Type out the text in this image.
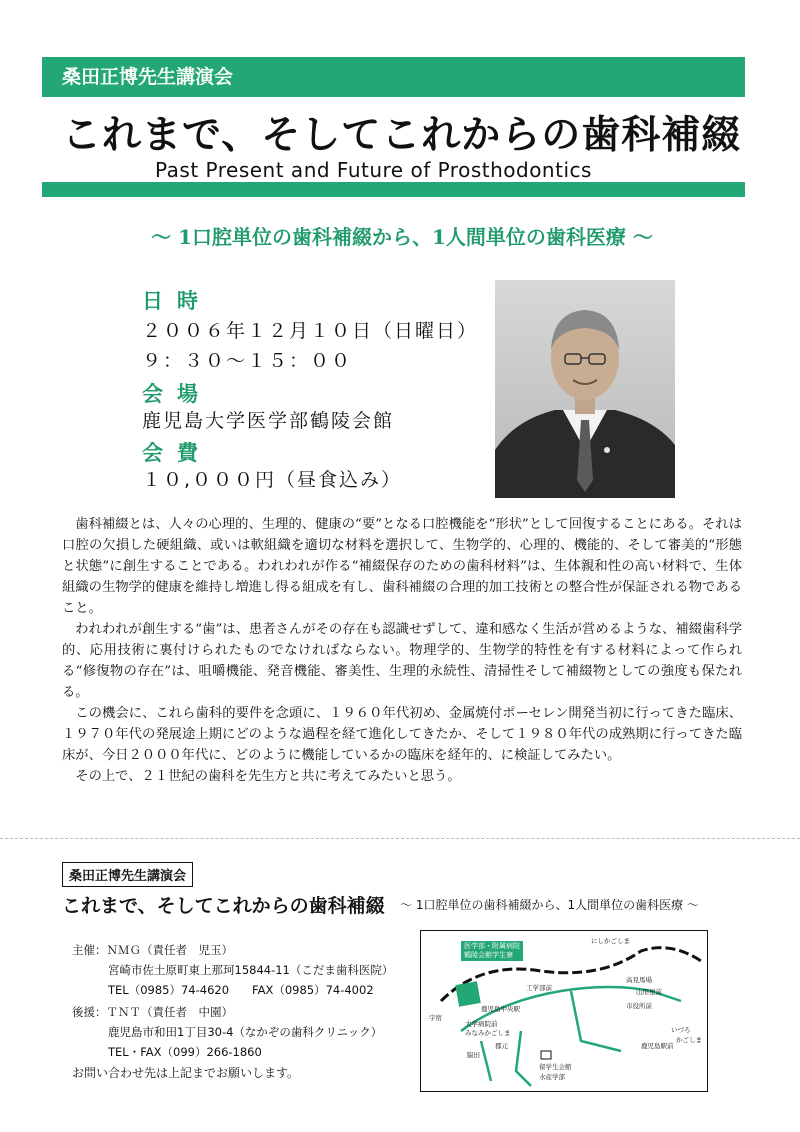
桑田正博先生講演会
これまで、そしてこれからの歯科補綴
Past Present and Future of Prosthodontics
～ 1口腔単位の歯科補綴から、1人間単位の歯科医療 ～
日時
２００６年１２月１０日（日曜日）
９：３０～１５：００
会場
鹿児島大学医学部鶴陵会館
会費
１０,０００円（昼食込み）

歯科補綴とは、人々の心理的、生理的、健康の“要”となる口腔機能を“形状”として回復することにある。それは口腔の欠損した硬組織、或いは軟組織を適切な材料を選択して、生物学的、心理的、機能的、そして審美的“形態と状態”に創生することである。われわれが作る“補綴保存のための歯科材料”は、生体親和性の高い材料で、生体組織の生物学的健康を維持し増進し得る組成を有し、歯科補綴の合理的加工技術との整合性が保証される物であること。

われわれが創生する“歯”は、患者さんがその存在も認識せずして、違和感なく生活が営めるような、補綴歯科学的、応用技術に裏付けられたものでなければならない。物理学的、生物学的特性を有する材料によって作られる“修復物の存在”は、咀嚼機能、発音機能、審美性、生理的永続性、清掃性そして補綴物としての強度も保たれる。

この機会に、これら歯科的要件を念頭に、１９６０年代初め、金属焼付ポーセレン開発当初に行ってきた臨床、１９７０年代の発展途上期にどのような過程を経て進化してきたか、そして１９８０年代の成熟期に行ってきた臨床が、今日２０００年代に、どのように機能しているかの臨床を経年的、に検証してみたい。

その上で、２１世紀の歯科を先生方と共に考えてみたいと思う。

桑田正博先生講演会
これまで、そしてこれからの歯科補綴 ～ 1口腔単位の歯科補綴から、1人間単位の歯科医療 ～
主催：ＮＭＧ（責任者　児玉）
宮崎市佐土原町東上那珂15844-11（こだま歯科医院）
TEL（0985）74-4620　　FAX（0985）74-4002
後援：ＴＮＴ（責任者　中園）
鹿児島市和田1丁目30-4（なかぞの歯科クリニック）
TEL・FAX（099）266-1860
お問い合わせ先は上記までお願いします。
医学部・附属病院
鶴陵会館学生寮
にしかごしま
工学部前
高見馬場
山形屋前
市役所前
鹿児島駅前
いづろ
かごしま
鹿児島中央駅
大学病院前
みなみかごしま
郡元
脇田
留学生会館
水産学部
宇宿
